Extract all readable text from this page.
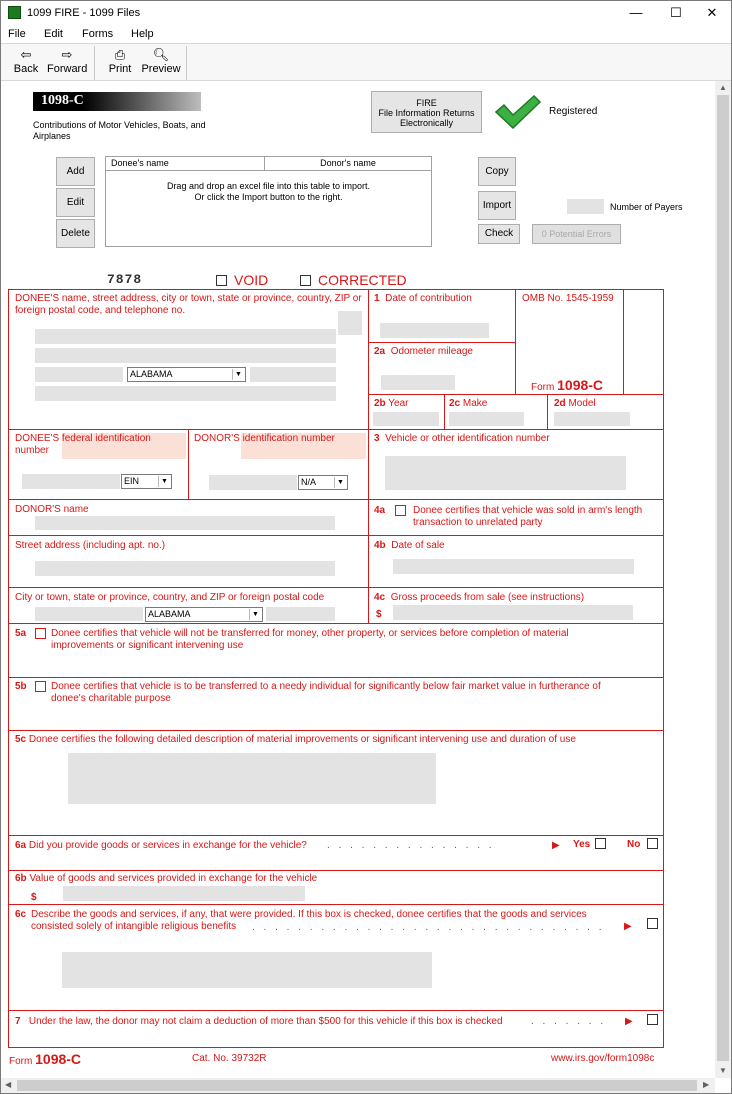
1099 FIRE - 1099 Files	—	☐	✕
File Edit Forms Help
⇦
Back
⇨
Forward
⎙
Print
🔍︎
Preview
▲
▼
◀	▶
1098-C
Contributions of Motor Vehicles, Boats, and Airplanes
FIRE
File Information Returns
Electronically
Registered
Add
Edit
Delete
Donee's name	Donor's name
Drag and drop an excel file into this table to import.
Or click the Import button to the right.
Copy
Import
Check	0 Potential Errors
Number of Payers
7878	VOID	CORRECTED
DONEE'S name, street address, city or town, state or province, country, ZIP or foreign postal code, and telephone no.
ALABAMA	▼
1 Date of contribution	OMB No. 1545-1959
2a Odometer mileage
Form 1098-C
2b Year	2c Make	2d Model
DONEE'S federal identification number
EIN	▼
DONOR'S identification number
N/A	▼
3 Vehicle or other identification number
DONOR'S name	4a	Donee certifies that vehicle was sold in arm's length transaction to unrelated party
Street address (including apt. no.)	4b Date of sale
City or town, state or province, country, and ZIP or foreign postal code
ALABAMA	▼
4c Gross proceeds from sale (see instructions)
$
5a Donee certifies that vehicle will not be transferred for money, other property, or services before completion of material improvements or significant intervening use
5b Donee certifies that vehicle is to be transferred to a needy individual for significantly below fair market value in furtherance of donee's charitable purpose
5c Donee certifies the following detailed description of material improvements or significant intervening use and duration of use
6a Did you provide goods or services in exchange for the vehicle? . . . . . . . . . . . . . . .	▶ Yes	No
6b Value of goods and services provided in exchange for the vehicle
$
6c Describe the goods and services, if any, that were provided. If this box is checked, donee certifies that the goods and services consisted solely of intangible religious benefits	. . . . . . . . . . . . . . . . . . . . . . . . . . . . . . .	▶
7 Under the law, the donor may not claim a deduction of more than $500 for this vehicle if this box is checked	. . . . . . . ▶
Form 1098-C	Cat. No. 39732R	www.irs.gov/form1098c
